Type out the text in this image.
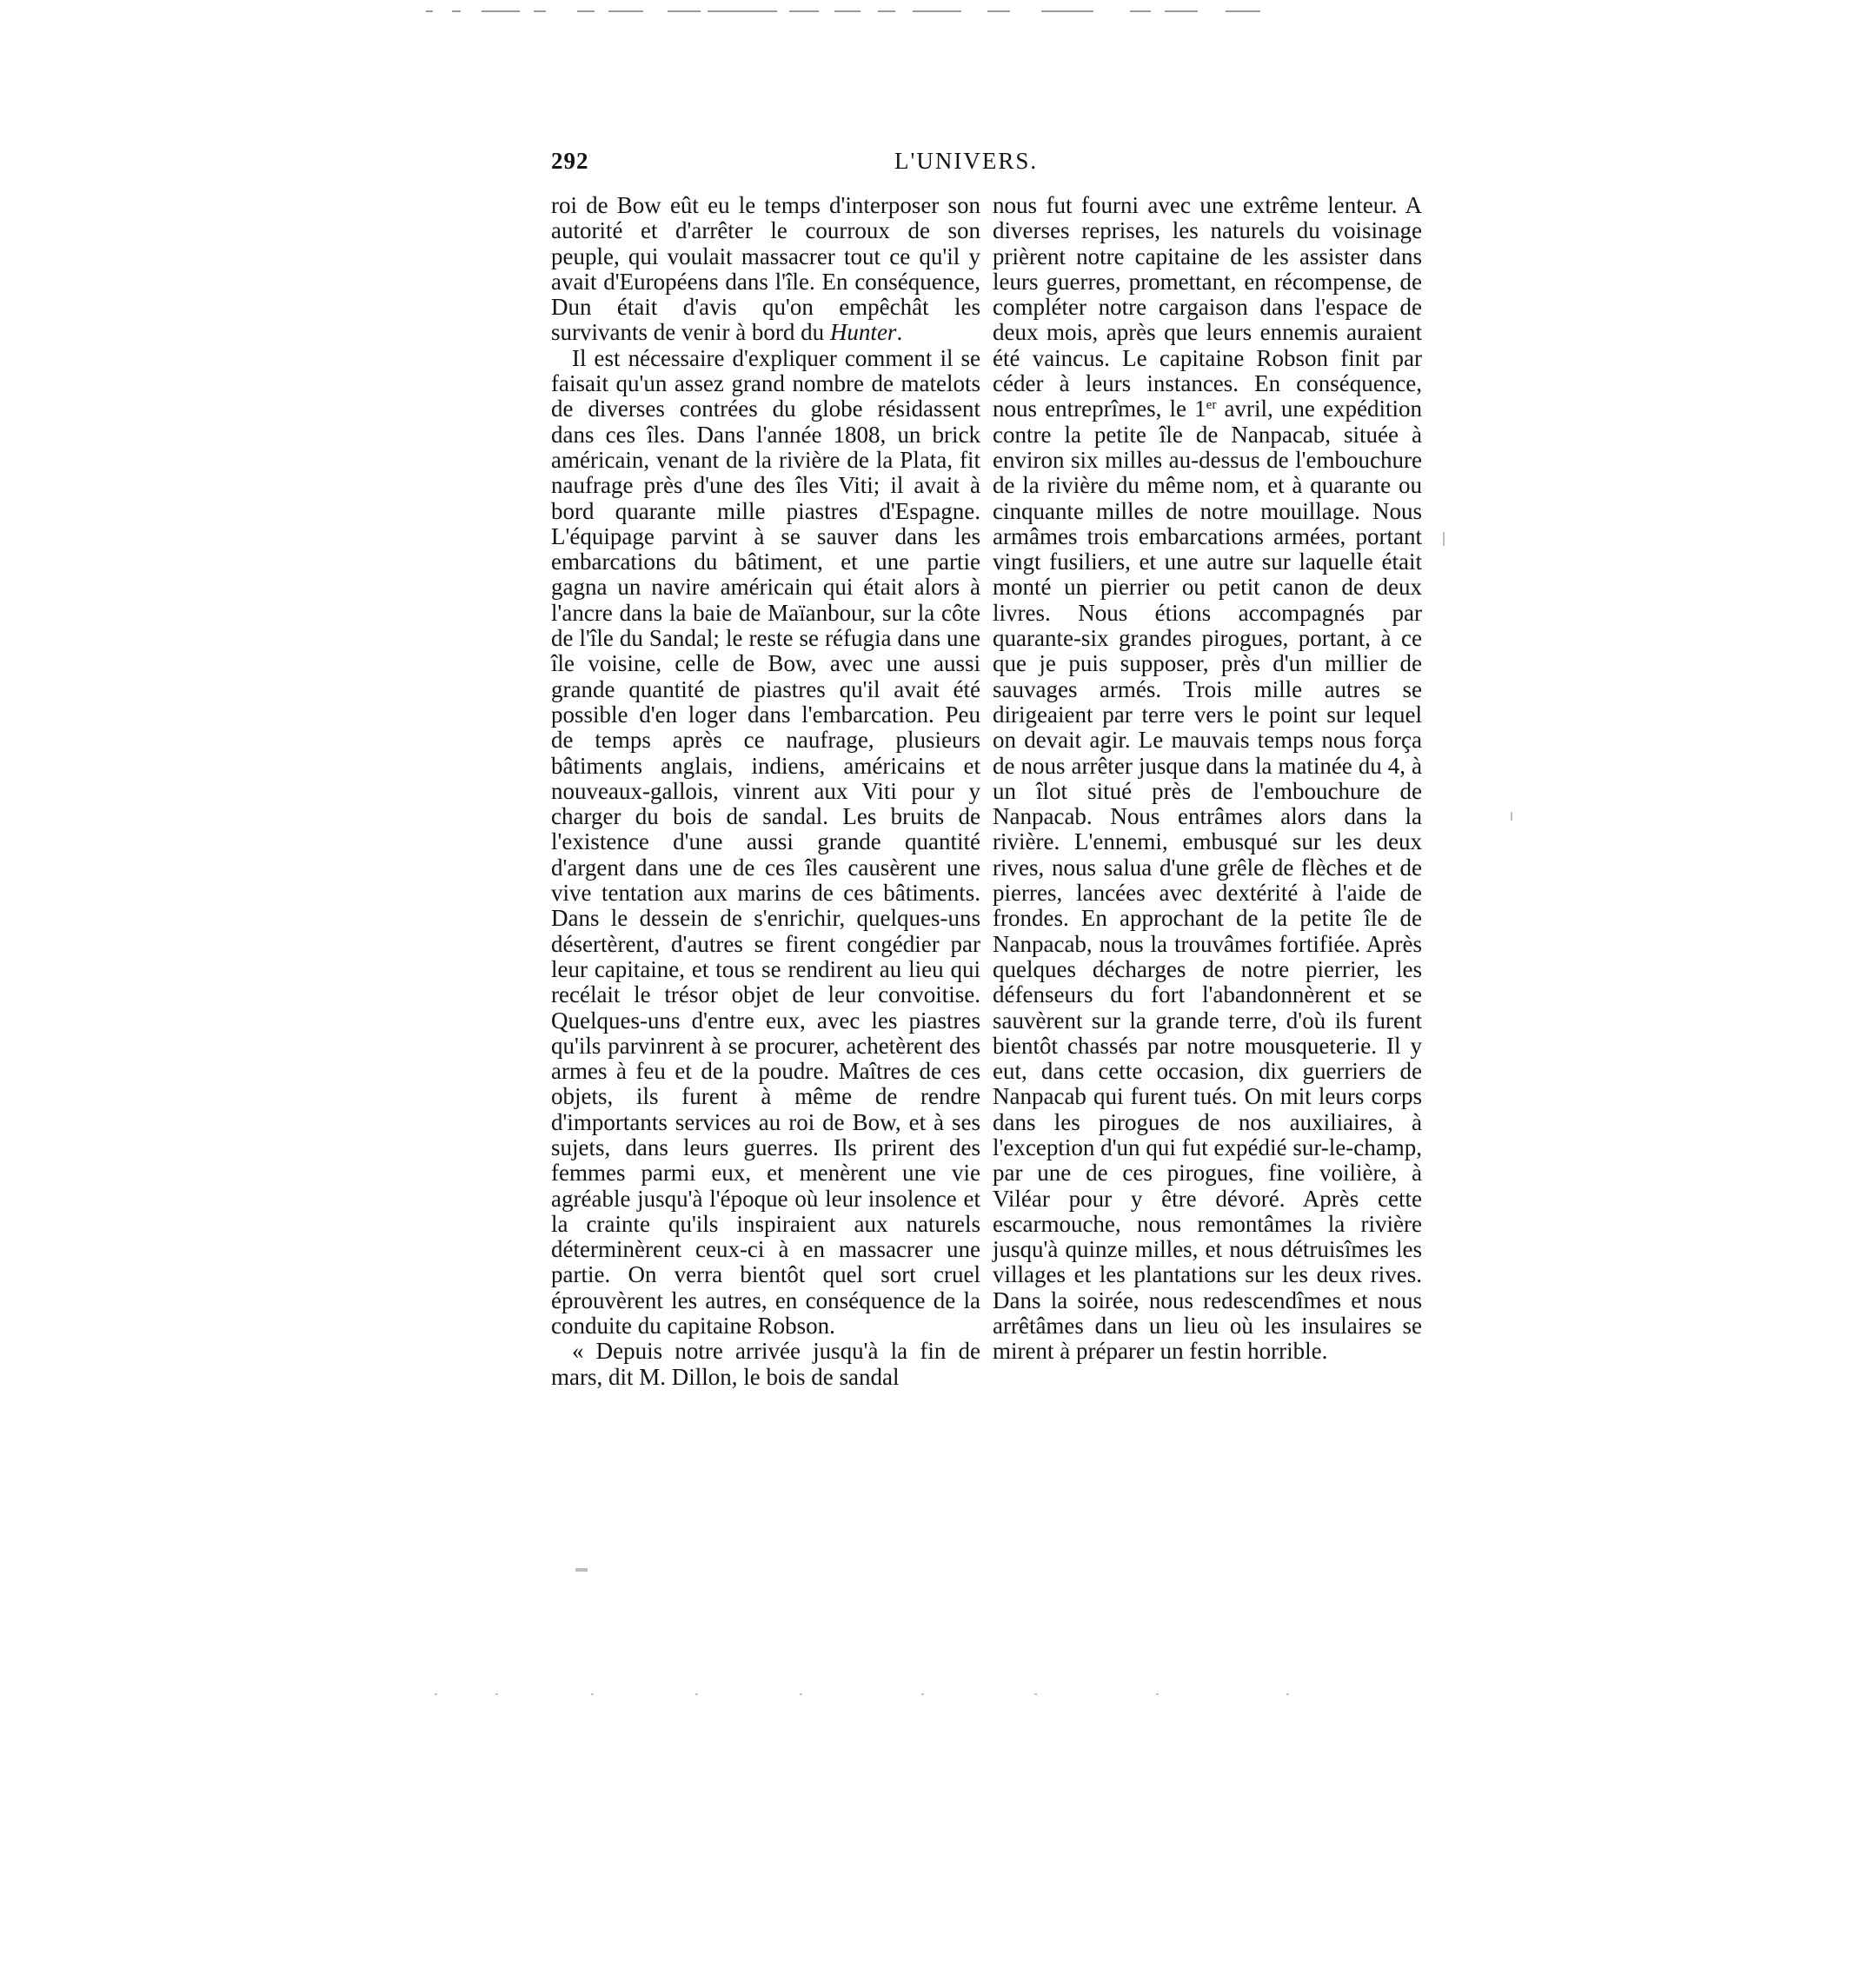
292	L'UNIVERS.

roi de Bow eût eu le temps d'interposer son autorité et d'arrêter le courroux de son peuple, qui voulait massacrer tout ce qu'il y avait d'Européens dans l'île. En conséquence, Dun était d'avis qu'on empêchât les survivants de venir à bord du Hunter.

Il est nécessaire d'expliquer comment il se faisait qu'un assez grand nombre de matelots de diverses contrées du globe résidassent dans ces îles. Dans l'année 1808, un brick américain, venant de la rivière de la Plata, fit naufrage près d'une des îles Viti; il avait à bord quarante mille piastres d'Espagne. L'équipage parvint à se sauver dans les embarcations du bâtiment, et une partie gagna un navire américain qui était alors à l'ancre dans la baie de Maïanbour, sur la côte de l'île du Sandal; le reste se réfugia dans une île voisine, celle de Bow, avec une aussi grande quantité de piastres qu'il avait été possible d'en loger dans l'embarcation. Peu de temps après ce naufrage, plusieurs bâtiments anglais, indiens, américains et nouveaux-gallois, vinrent aux Viti pour y charger du bois de sandal. Les bruits de l'existence d'une aussi grande quantité d'argent dans une de ces îles causèrent une vive tentation aux marins de ces bâtiments. Dans le dessein de s'enrichir, quelques-uns désertèrent, d'autres se firent congédier par leur capitaine, et tous se rendirent au lieu qui recélait le trésor objet de leur convoitise. Quelques-uns d'entre eux, avec les piastres qu'ils parvinrent à se procurer, achetèrent des armes à feu et de la poudre. Maîtres de ces objets, ils furent à même de rendre d'importants services au roi de Bow, et à ses sujets, dans leurs guerres. Ils prirent des femmes parmi eux, et menèrent une vie agréable jusqu'à l'époque où leur insolence et la crainte qu'ils inspiraient aux naturels déterminèrent ceux-ci à en massacrer une partie. On verra bientôt quel sort cruel éprouvèrent les autres, en conséquence de la conduite du capitaine Robson.

« Depuis notre arrivée jusqu'à la fin de mars, dit M. Dillon, le bois de sandal

nous fut fourni avec une extrême lenteur. A diverses reprises, les naturels du voisinage prièrent notre capitaine de les assister dans leurs guerres, promettant, en récompense, de compléter notre cargaison dans l'espace de deux mois, après que leurs ennemis auraient été vaincus. Le capitaine Robson finit par céder à leurs instances. En conséquence, nous entreprîmes, le 1er avril, une expédition contre la petite île de Nanpacab, située à environ six milles au-dessus de l'embouchure de la rivière du même nom, et à quarante ou cinquante milles de notre mouillage. Nous armâmes trois embarcations armées, portant vingt fusiliers, et une autre sur laquelle était monté un pierrier ou petit canon de deux livres. Nous étions accompagnés par quarante-six grandes pirogues, portant, à ce que je puis supposer, près d'un millier de sauvages armés. Trois mille autres se dirigeaient par terre vers le point sur lequel on devait agir. Le mauvais temps nous força de nous arrêter jusque dans la matinée du 4, à un îlot situé près de l'embouchure de Nanpacab. Nous entrâmes alors dans la rivière. L'ennemi, embusqué sur les deux rives, nous salua d'une grêle de flèches et de pierres, lancées avec dextérité à l'aide de frondes. En approchant de la petite île de Nanpacab, nous la trouvâmes fortifiée. Après quelques décharges de notre pierrier, les défenseurs du fort l'abandonnèrent et se sauvèrent sur la grande terre, d'où ils furent bientôt chassés par notre mousqueterie. Il y eut, dans cette occasion, dix guerriers de Nanpacab qui furent tués. On mit leurs corps dans les pirogues de nos auxiliaires, à l'exception d'un qui fut expédié sur-le-champ, par une de ces pirogues, fine voilière, à Viléar pour y être dévoré. Après cette escarmouche, nous remontâmes la rivière jusqu'à quinze milles, et nous détruisîmes les villages et les plantations sur les deux rives. Dans la soirée, nous redescendîmes et nous arrêtâmes dans un lieu où les insulaires se mirent à préparer un festin horrible.
